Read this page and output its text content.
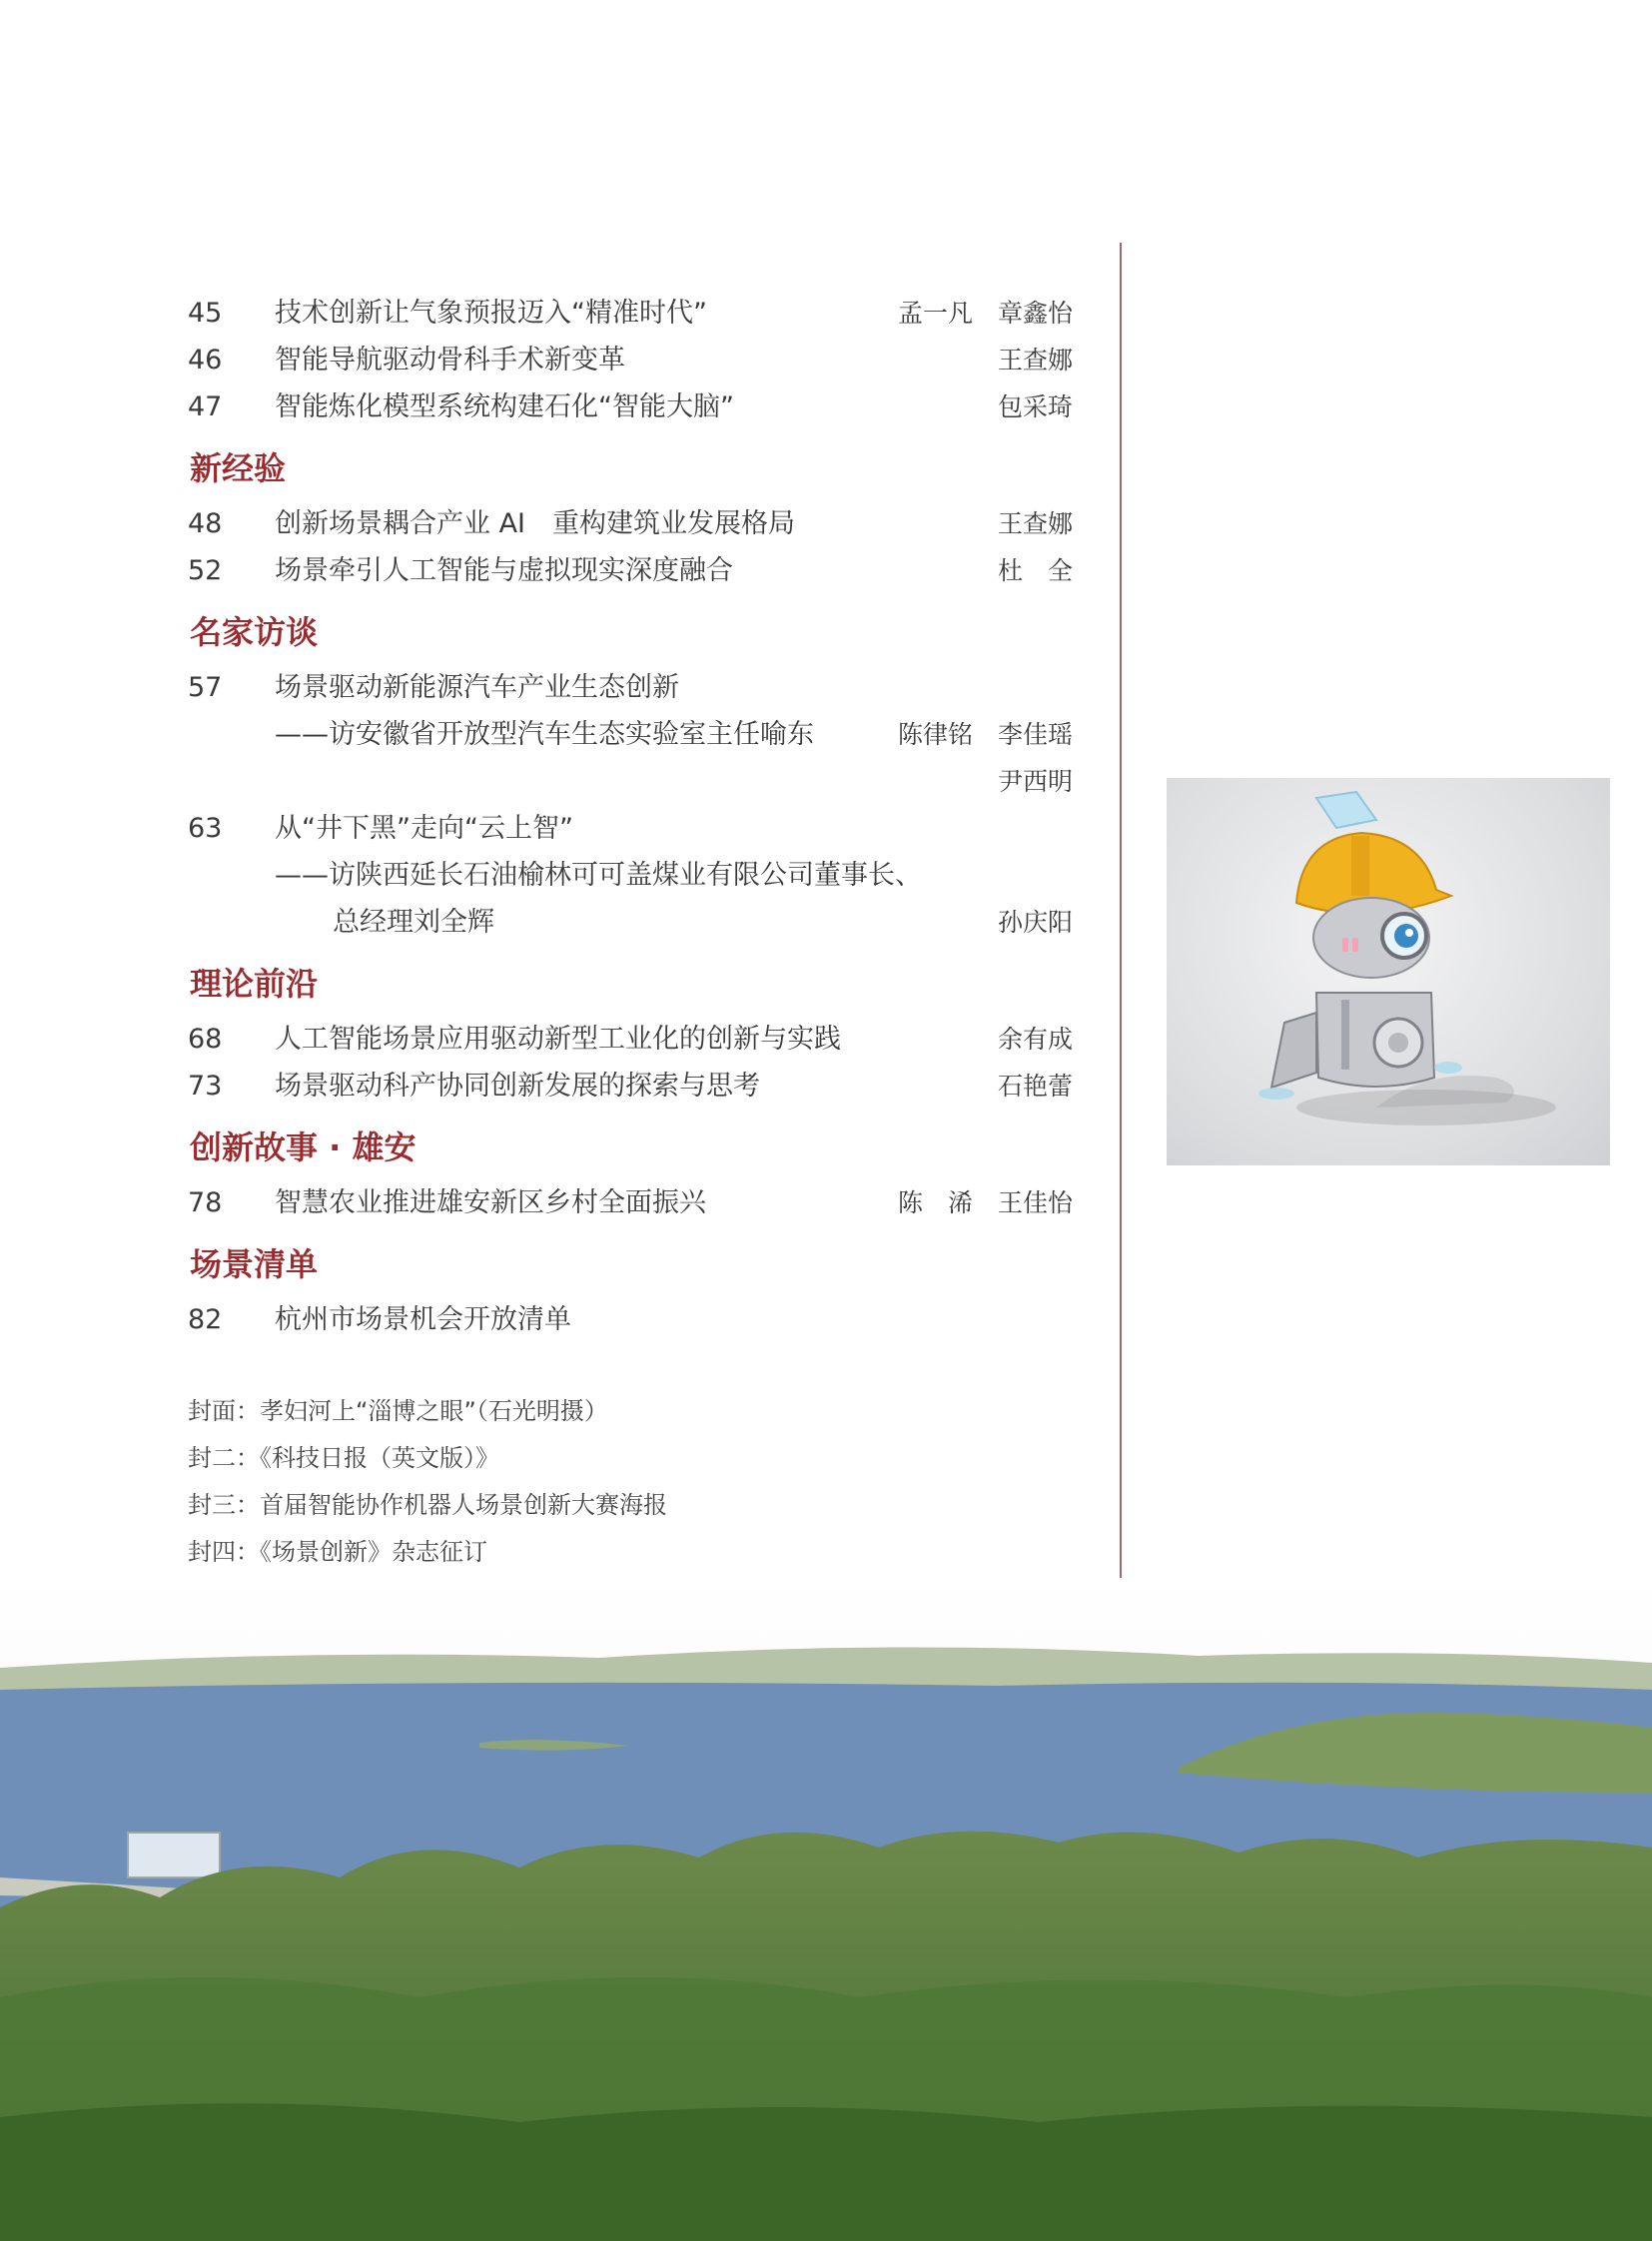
45 技术创新让气象预报迈入“精准时代”	孟一凡　章鑫怡
46 智能导航驱动骨科手术新变革	王查娜
47 智能炼化模型系统构建石化“智能大脑”	包采琦
新经验
48 创新场景耦合产业 AI　重构建筑业发展格局	王查娜
52 场景牵引人工智能与虚拟现实深度融合	杜　全
名家访谈
57 场景驱动新能源汽车产业生态创新
——访安徽省开放型汽车生态实验室主任喻东	陈律铭　李佳瑶
尹西明
63 从“井下黑”走向“云上智”
——访陕西延长石油榆林可可盖煤业有限公司董事长、
总经理刘全辉	孙庆阳
理论前沿
68 人工智能场景应用驱动新型工业化的创新与实践	余有成
73 场景驱动科产协同创新发展的探索与思考	石艳蕾
创新故事 · 雄安
78 智慧农业推进雄安新区乡村全面振兴	陈　浠　王佳怡
场景清单
82 杭州市场景机会开放清单
封面：孝妇河上“淄博之眼”（石光明摄）
封二：《科技日报（英文版）》
封三：首届智能协作机器人场景创新大赛海报
封四：《场景创新》杂志征订
